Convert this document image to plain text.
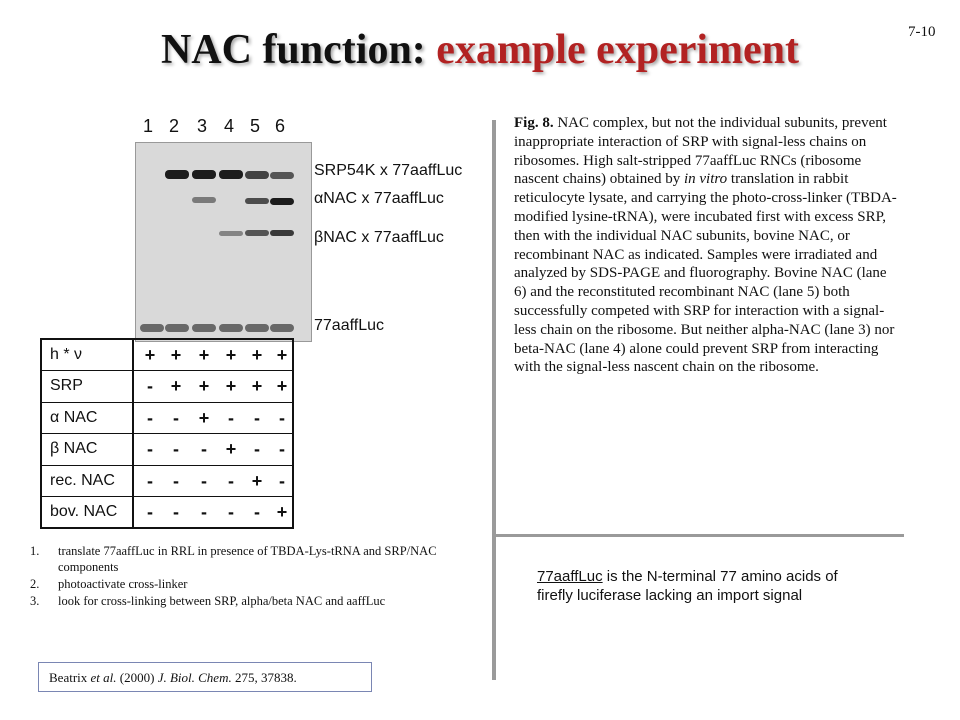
7-10
NAC function: example experiment
1 2 3 4 5 6
SRP54K x 77aaffLuc
αNAC x 77aaffLuc
βNAC x 77aaffLuc
77aaffLuc
h * ν	+ + + + + +
SRP	- + + + + +
α NAC	-	-	+	-	-	-
β NAC	-	-	-	+ -	-
rec. NAC	-	-	-	- + -
bov. NAC	-	-	-	-	- +
1. translate 77aaffLuc in RRL in presence of TBDA-Lys-tRNA and SRP/NAC components
2. photoactivate cross-linker
3. look for cross-linking between SRP, alpha/beta NAC and aaffLuc
Beatrix et al. (2000) J. Biol. Chem. 275, 37838.
Fig. 8. NAC complex, but not the individual subunits, prevent inappropriate interaction of SRP with signal-less chains on ribosomes. High salt-stripped 77aaffLuc RNCs (ribosome nascent chains) obtained by in vitro translation in rabbit reticulocyte lysate, and carrying the photo-cross-linker (TBDA-modified lysine-tRNA), were incubated first with excess SRP, then with the individual NAC subunits, bovine NAC, or recombinant NAC as indicated. Samples were irradiated and analyzed by SDS-PAGE and fluorography. Bovine NAC (lane 6) and the reconstituted recombinant NAC (lane 5) both successfully competed with SRP for interaction with a signal-less chain on the ribosome. But neither alpha-NAC (lane 3) nor beta-NAC (lane 4) alone could prevent SRP from interacting with the signal-less nascent chain on the ribosome.
77aaffLuc is the N-terminal 77 amino acids of firefly luciferase lacking an import signal
